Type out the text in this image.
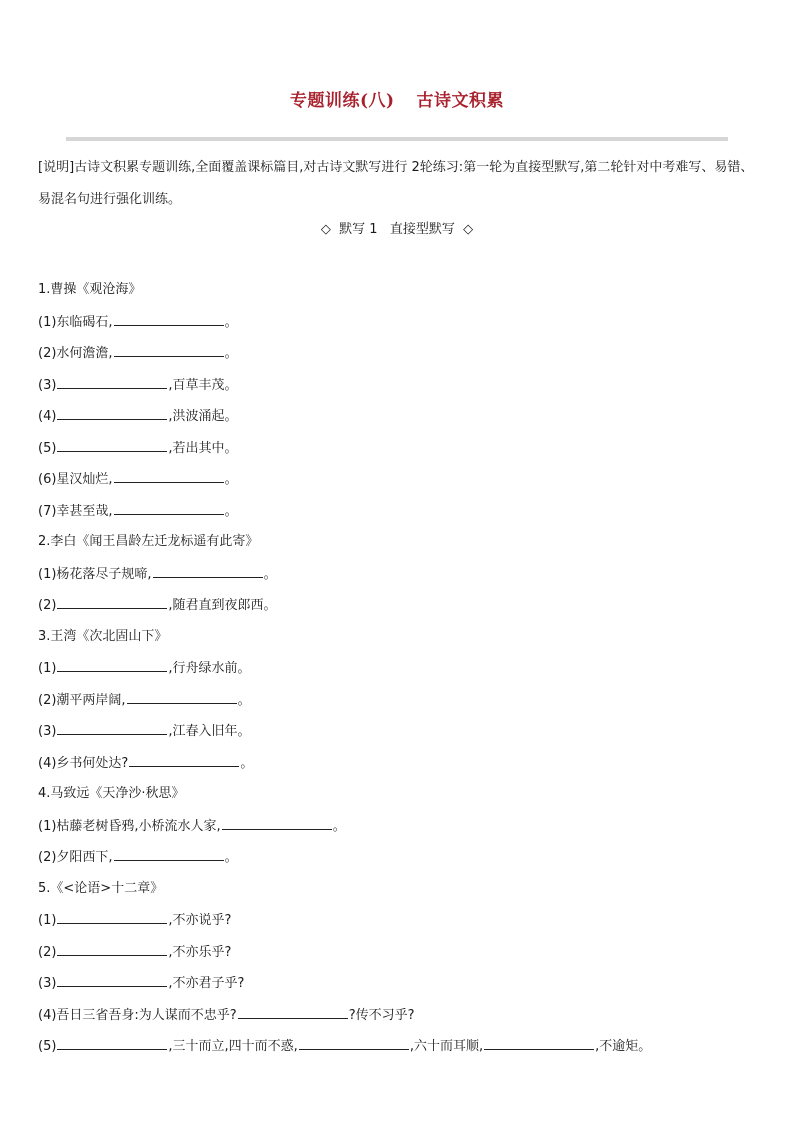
专题训练(八) 古诗文积累
[说明]古诗文积累专题训练,全面覆盖课标篇目,对古诗文默写进行 2轮练习:第一轮为直接型默写,第二轮针对中考难写、易错、易混名句进行强化训练。
◇ 默写 1 直接型默写 ◇
1.曹操《观沧海》
(1)东临碣石,	。
(2)水何澹澹,	。
(3)	,百草丰茂。
(4)	,洪波涌起。
(5)	,若出其中。
(6)星汉灿烂,	。
(7)幸甚至哉,	。
2.李白《闻王昌龄左迁龙标遥有此寄》
(1)杨花落尽子规啼,	。
(2)	,随君直到夜郎西。
3.王湾《次北固山下》
(1)	,行舟绿水前。
(2)潮平两岸阔,	。
(3)	,江春入旧年。
(4)乡书何处达?	。
4.马致远《天净沙·秋思》
(1)枯藤老树昏鸦,小桥流水人家,	。
(2)夕阳西下,	。
5.《<论语>十二章》
(1)	,不亦说乎?
(2)	,不亦乐乎?
(3)	,不亦君子乎?
(4)吾日三省吾身:为人谋而不忠乎?	?传不习乎?
(5)	,三十而立,四十而不惑,	,六十而耳顺,	,不逾矩。
